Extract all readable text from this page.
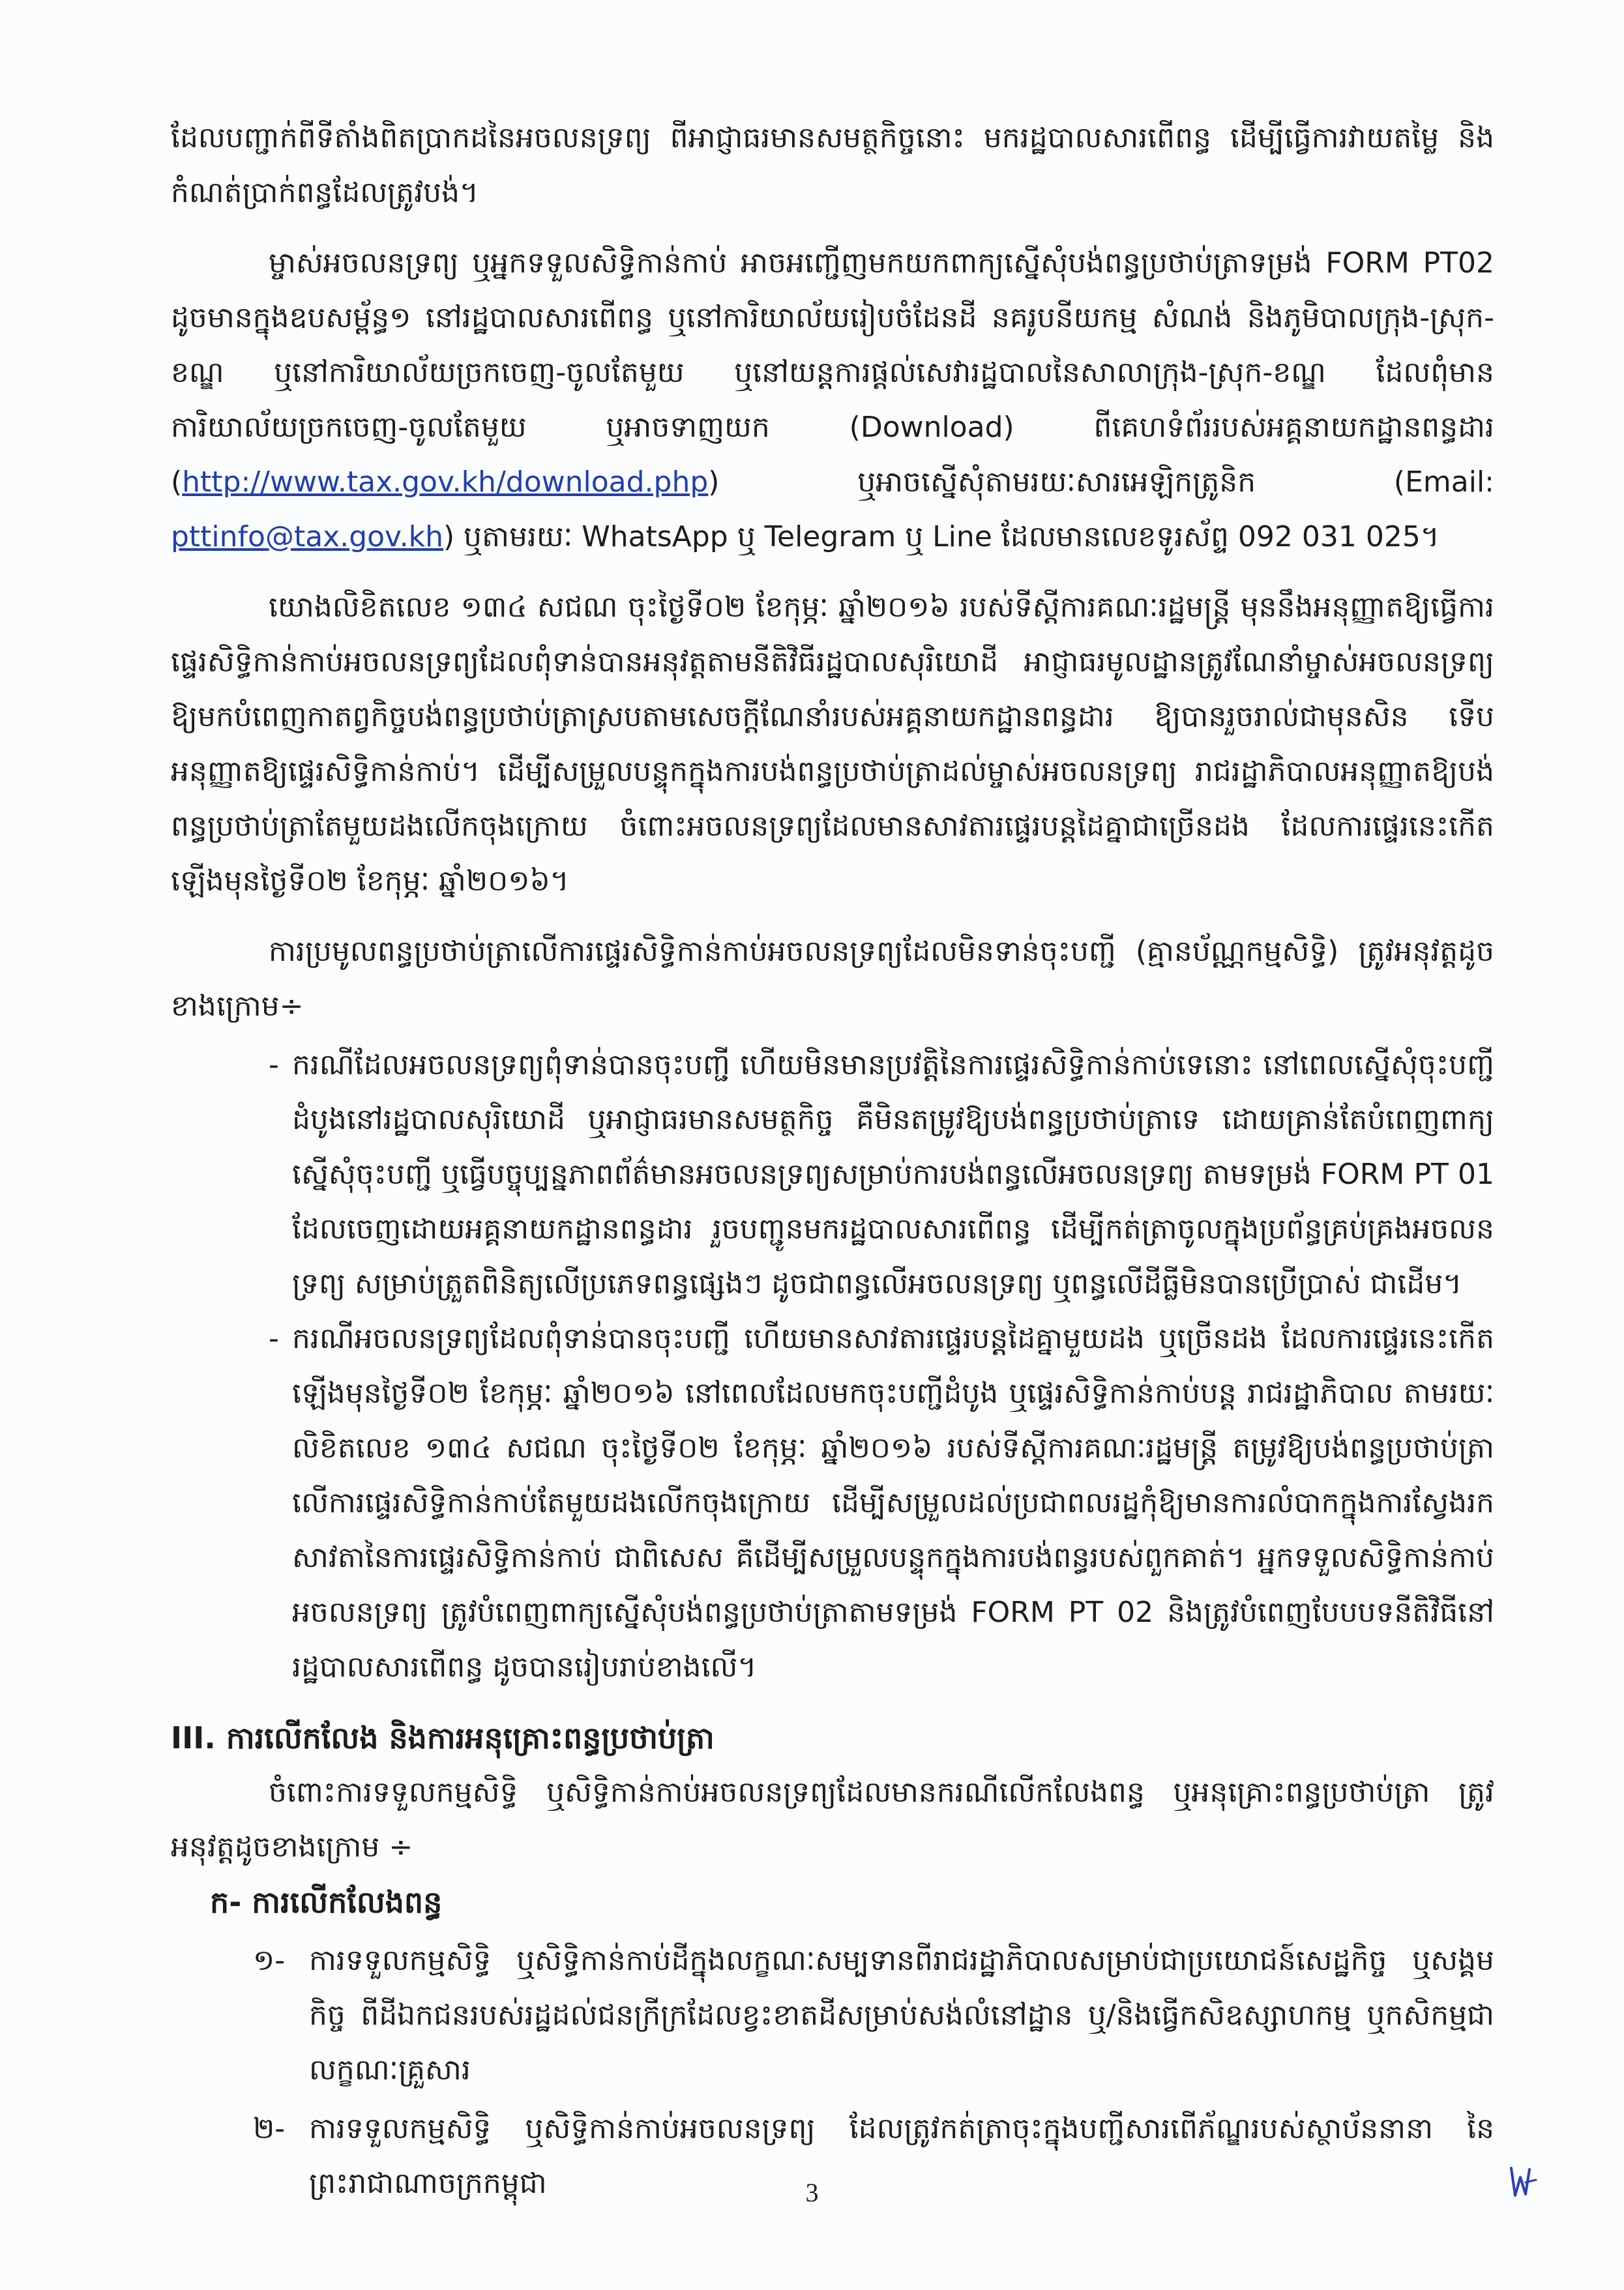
ដែលបញ្ជាក់ពីទីតាំងពិតប្រាកដនៃអចលនទ្រព្យ ពីអាជ្ញាធរមានសមត្ថកិច្ចនោះ មករដ្ឋបាលសារពើពន្ធ ដើម្បីធ្វើការវាយតម្លៃ និងកំណត់ប្រាក់ពន្ធដែលត្រូវបង់។

ម្ចាស់អចលនទ្រព្យ ឬអ្នកទទួលសិទ្ធិកាន់កាប់ អាចអញ្ជើញមកយកពាក្យស្នើសុំបង់ពន្ធប្រថាប់ត្រាទម្រង់ FORM PT02 ដូចមានក្នុងឧបសម្ព័ន្ធ១ នៅរដ្ឋបាលសារពើពន្ធ ឬនៅការិយាល័យរៀបចំដែនដី នគរូបនីយកម្ម សំណង់ និងភូមិបាលក្រុង-ស្រុក-ខណ្ឌ ឬនៅការិយាល័យច្រកចេញ-ចូលតែមួយ ឬនៅយន្តការផ្តល់សេវារដ្ឋបាលនៃសាលាក្រុង-ស្រុក-ខណ្ឌ ដែលពុំមានការិយាល័យច្រកចេញ-ចូលតែមួយ ឬអាចទាញយក (Download) ពីគេហទំព័ររបស់អគ្គនាយកដ្ឋានពន្ធដារ (http://www.tax.gov.kh/download.php) ឬអាចស្នើសុំតាមរយៈសារអេឡិកត្រូនិក (Email: pttinfo@tax.gov.kh) ឬតាមរយៈ WhatsApp ឬ Telegram ឬ Line ដែលមានលេខទូរស័ព្ទ 092 031 025។

យោងលិខិតលេខ ១៣៤ សជណ ចុះថ្ងៃទី០២ ខែកុម្ភៈ ឆ្នាំ២០១៦ របស់ទីស្តីការគណៈរដ្ឋមន្ត្រី មុននឹងអនុញ្ញាតឱ្យធ្វើការផ្ទេរសិទ្ធិកាន់កាប់អចលនទ្រព្យដែលពុំទាន់បានអនុវត្តតាមនីតិវិធីរដ្ឋបាលសុរិយោដី អាជ្ញាធរមូលដ្ឋានត្រូវណែនាំម្ចាស់អចលនទ្រព្យ ឱ្យមកបំពេញកាតព្វកិច្ចបង់ពន្ធប្រថាប់ត្រាស្របតាមសេចក្តីណែនាំរបស់អគ្គនាយកដ្ឋានពន្ធដារ ឱ្យបានរួចរាល់ជាមុនសិន ទើបអនុញ្ញាតឱ្យផ្ទេរសិទ្ធិកាន់កាប់។ ដើម្បីសម្រួលបន្ទុកក្នុងការបង់ពន្ធប្រថាប់ត្រាដល់ម្ចាស់អចលនទ្រព្យ រាជរដ្ឋាភិបាលអនុញ្ញាតឱ្យបង់ពន្ធប្រថាប់ត្រាតែមួយដងលើកចុងក្រោយ ចំពោះអចលនទ្រព្យដែលមានសាវតារផ្ទេរបន្តដៃគ្នាជាច្រើនដង ដែលការផ្ទេរនេះកើតឡើងមុនថ្ងៃទី០២ ខែកុម្ភៈ ឆ្នាំ២០១៦។

ការប្រមូលពន្ធប្រថាប់ត្រាលើការផ្ទេរសិទ្ធិកាន់កាប់អចលនទ្រព្យដែលមិនទាន់ចុះបញ្ជី (គ្មានប័ណ្ណកម្មសិទ្ធិ) ត្រូវអនុវត្តដូចខាងក្រោម÷

- ករណីដែលអចលនទ្រព្យពុំទាន់បានចុះបញ្ជី ហើយមិនមានប្រវត្តិនៃការផ្ទេរសិទ្ធិកាន់កាប់ទេនោះ នៅពេលស្នើសុំចុះបញ្ជីដំបូងនៅរដ្ឋបាលសុរិយោដី ឬអាជ្ញាធរមានសមត្ថកិច្ច គឺមិនតម្រូវឱ្យបង់ពន្ធប្រថាប់ត្រាទេ ដោយគ្រាន់តែបំពេញពាក្យស្នើសុំចុះបញ្ជី ឬធ្វើបច្ចុប្បន្នភាពព័ត៌មានអចលនទ្រព្យសម្រាប់ការបង់ពន្ធលើអចលនទ្រព្យ តាមទម្រង់ FORM PT 01 ដែលចេញដោយអគ្គនាយកដ្ឋានពន្ធដារ រួចបញ្ជូនមករដ្ឋបាលសារពើពន្ធ ដើម្បីកត់ត្រាចូលក្នុងប្រព័ន្ធគ្រប់គ្រងអចលនទ្រព្យ សម្រាប់ត្រួតពិនិត្យលើប្រភេទពន្ធផ្សេងៗ ដូចជាពន្ធលើអចលនទ្រព្យ ឬពន្ធលើដីធ្លីមិនបានប្រើប្រាស់ ជាដើម។
- ករណីអចលនទ្រព្យដែលពុំទាន់បានចុះបញ្ជី ហើយមានសាវតារផ្ទេរបន្តដៃគ្នាមួយដង ឬច្រើនដង ដែលការផ្ទេរនេះកើតឡើងមុនថ្ងៃទី០២ ខែកុម្ភៈ ឆ្នាំ២០១៦ នៅពេលដែលមកចុះបញ្ជីដំបូង ឬផ្ទេរសិទ្ធិកាន់កាប់បន្ត រាជរដ្ឋាភិបាល តាមរយៈលិខិតលេខ ១៣៤ សជណ ចុះថ្ងៃទី០២ ខែកុម្ភៈ ឆ្នាំ២០១៦ របស់ទីស្តីការគណៈរដ្ឋមន្ត្រី តម្រូវឱ្យបង់ពន្ធប្រថាប់ត្រាលើការផ្ទេរសិទ្ធិកាន់កាប់តែមួយដងលើកចុងក្រោយ ដើម្បីសម្រួលដល់ប្រជាពលរដ្ឋកុំឱ្យមានការលំបាកក្នុងការស្វែងរកសាវតានៃការផ្ទេរសិទ្ធិកាន់កាប់ ជាពិសេស គឺដើម្បីសម្រួលបន្ទុកក្នុងការបង់ពន្ធរបស់ពួកគាត់។ អ្នកទទួលសិទ្ធិកាន់កាប់អចលនទ្រព្យ ត្រូវបំពេញពាក្យស្នើសុំបង់ពន្ធប្រថាប់ត្រាតាមទម្រង់ FORM PT 02 និងត្រូវបំពេញបែបបទនីតិវិធីនៅរដ្ឋបាលសារពើពន្ធ ដូចបានរៀបរាប់ខាងលើ។
III. ការលើកលែង និងការអនុគ្រោះពន្ធប្រថាប់ត្រា

ចំពោះការទទួលកម្មសិទ្ធិ ឬសិទ្ធិកាន់កាប់អចលនទ្រព្យដែលមានករណីលើកលែងពន្ធ ឬអនុគ្រោះពន្ធប្រថាប់ត្រា ត្រូវអនុវត្តដូចខាងក្រោម ÷

ក- ការលើកលែងពន្ធ
១- ការទទួលកម្មសិទ្ធិ ឬសិទ្ធិកាន់កាប់ដីក្នុងលក្ខណៈសម្បទានពីរាជរដ្ឋាភិបាលសម្រាប់ជាប្រយោជន៍សេដ្ឋកិច្ច ឬសង្គមកិច្ច ពីដីឯកជនរបស់រដ្ឋដល់ជនក្រីក្រដែលខ្វះខាតដីសម្រាប់សង់លំនៅដ្ឋាន ឬ/និងធ្វើកសិឧស្សាហកម្ម ឬកសិកម្មជាលក្ខណៈគ្រួសារ
២- ការទទួលកម្មសិទ្ធិ ឬសិទ្ធិកាន់កាប់អចលនទ្រព្យ ដែលត្រូវកត់ត្រាចុះក្នុងបញ្ជីសារពើភ័ណ្ឌរបស់ស្ថាប័ននានា នៃព្រះរាជាណាចក្រកម្ពុជា	3
